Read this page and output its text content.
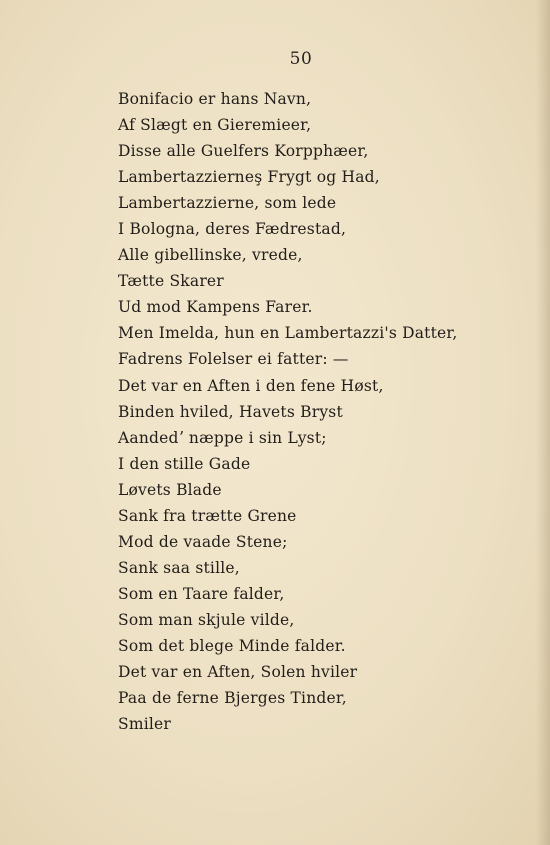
50
Bonifacio er hans Navn,
Af Slægt en Gieremieer,
Disse alle Guelfers Korpphæer,
Lambertazzierneş Frygt og Had,
Lambertazzierne, som lede
I Bologna, deres Fædrestad,
Alle gibellinske, vrede,
Tætte Skarer
Ud mod Kampens Farer.
Men Imelda, hun en Lambertazzi's Datter,
Fadrens Folelser ei fatter: —
Det var en Aften i den fene Høst,
Binden hviled, Havets Bryst
Aandedʼ næppe i sin Lyst;
I den stille Gade
Løvets Blade
Sank fra trætte Grene
Mod de vaade Stene;
Sank saa stille,
Som en Taare falder,
Som man skjule vilde,
Som det blege Minde falder.
Det var en Aften, Solen hviler
Paa de ferne Bjerges Tinder,
Smiler
